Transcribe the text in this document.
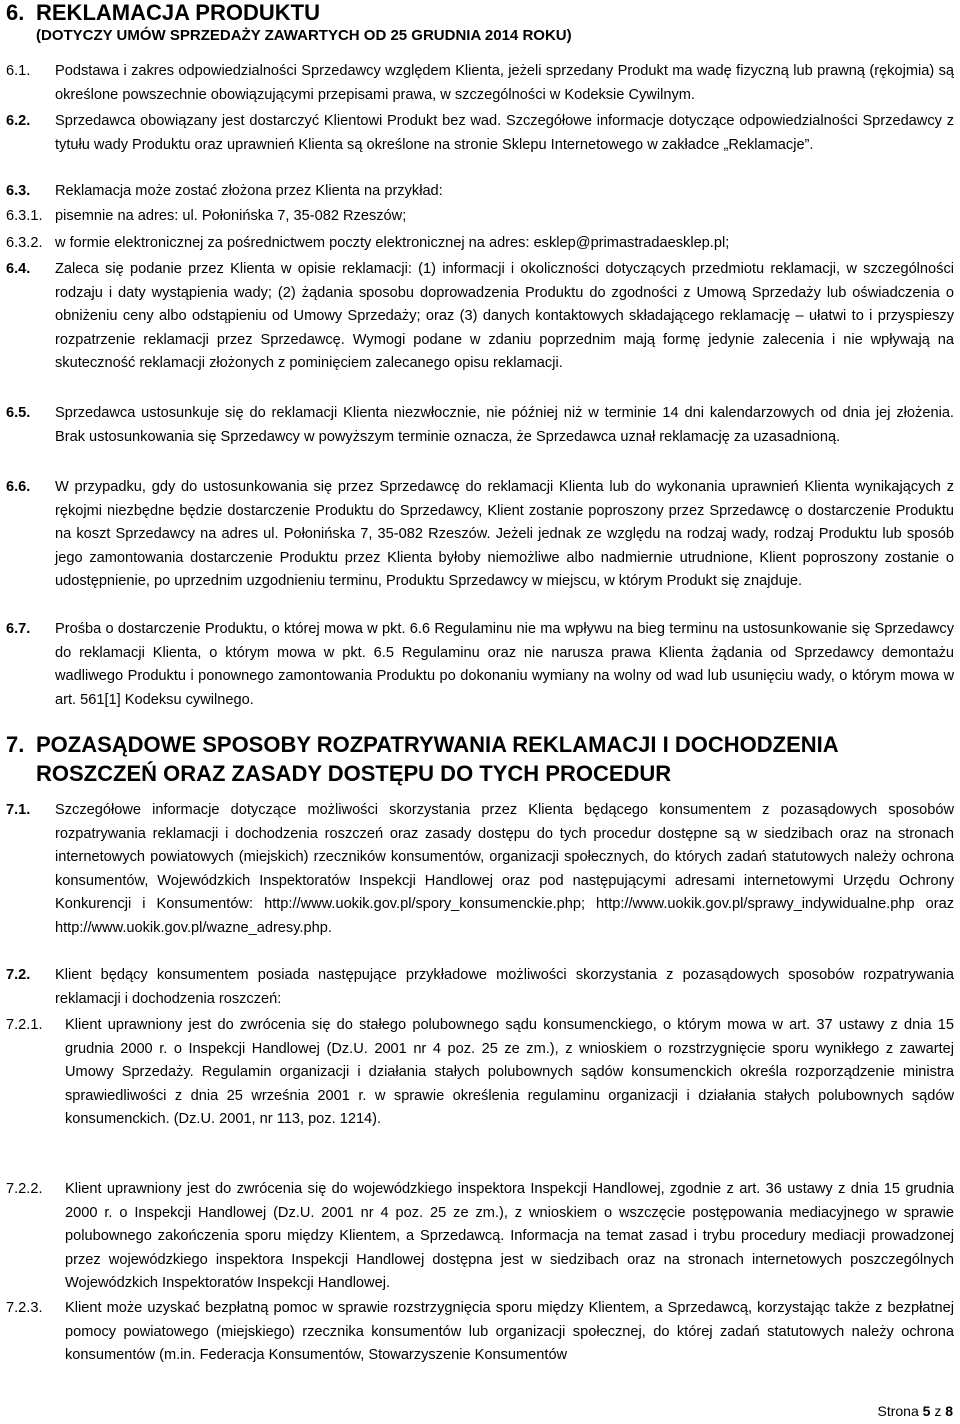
6. REKLAMACJA PRODUKTU
(DOTYCZY UMÓW SPRZEDAŻY ZAWARTYCH OD 25 GRUDNIA 2014 ROKU)
6.1. Podstawa i zakres odpowiedzialności Sprzedawcy względem Klienta, jeżeli sprzedany Produkt ma wadę fizyczną lub prawną (rękojmia) są określone powszechnie obowiązującymi przepisami prawa, w szczególności w Kodeksie Cywilnym.
6.2. Sprzedawca obowiązany jest dostarczyć Klientowi Produkt bez wad. Szczegółowe informacje dotyczące odpowiedzialności Sprzedawcy z tytułu wady Produktu oraz uprawnień Klienta są określone na stronie Sklepu Internetowego w zakładce „Reklamacje”.
6.3. Reklamacja może zostać złożona przez Klienta na przykład:
6.3.1. pisemnie na adres: ul. Połonińska 7, 35-082 Rzeszów;
6.3.2. w formie elektronicznej za pośrednictwem poczty elektronicznej na adres: esklep@primastradaesklep.pl;
6.4. Zaleca się podanie przez Klienta w opisie reklamacji: (1) informacji i okoliczności dotyczących przedmiotu reklamacji, w szczególności rodzaju i daty wystąpienia wady; (2) żądania sposobu doprowadzenia Produktu do zgodności z Umową Sprzedaży lub oświadczenia o obniżeniu ceny albo odstąpieniu od Umowy Sprzedaży; oraz (3) danych kontaktowych składającego reklamację – ułatwi to i przyspieszy rozpatrzenie reklamacji przez Sprzedawcę. Wymogi podane w zdaniu poprzednim mają formę jedynie zalecenia i nie wpływają na skuteczność reklamacji złożonych z pominięciem zalecanego opisu reklamacji.
6.5. Sprzedawca ustosunkuje się do reklamacji Klienta niezwłocznie, nie później niż w terminie 14 dni kalendarzowych od dnia jej złożenia. Brak ustosunkowania się Sprzedawcy w powyższym terminie oznacza, że Sprzedawca uznał reklamację za uzasadnioną.
6.6. W przypadku, gdy do ustosunkowania się przez Sprzedawcę do reklamacji Klienta lub do wykonania uprawnień Klienta wynikających z rękojmi niezbędne będzie dostarczenie Produktu do Sprzedawcy, Klient zostanie poproszony przez Sprzedawcę o dostarczenie Produktu na koszt Sprzedawcy na adres ul. Połonińska 7, 35-082 Rzeszów. Jeżeli jednak ze względu na rodzaj wady, rodzaj Produktu lub sposób jego zamontowania dostarczenie Produktu przez Klienta byłoby niemożliwe albo nadmiernie utrudnione, Klient poproszony zostanie o udostępnienie, po uprzednim uzgodnieniu terminu, Produktu Sprzedawcy w miejscu, w którym Produkt się znajduje.
6.7. Prośba o dostarczenie Produktu, o której mowa w pkt. 6.6 Regulaminu nie ma wpływu na bieg terminu na ustosunkowanie się Sprzedawcy do reklamacji Klienta, o którym mowa w pkt. 6.5 Regulaminu oraz nie narusza prawa Klienta żądania od Sprzedawcy demontażu wadliwego Produktu i ponownego zamontowania Produktu po dokonaniu wymiany na wolny od wad lub usunięciu wady, o którym mowa w art. 561[1] Kodeksu cywilnego.
7. POZASĄDOWE SPOSOBY ROZPATRYWANIA REKLAMACJI I DOCHODZENIA
ROSZCZEŃ ORAZ ZASADY DOSTĘPU DO TYCH PROCEDUR
7.1. Szczegółowe informacje dotyczące możliwości skorzystania przez Klienta będącego konsumentem z pozasądowych sposobów rozpatrywania reklamacji i dochodzenia roszczeń oraz zasady dostępu do tych procedur dostępne są w siedzibach oraz na stronach internetowych powiatowych (miejskich) rzeczników konsumentów, organizacji społecznych, do których zadań statutowych należy ochrona konsumentów, Wojewódzkich Inspektoratów Inspekcji Handlowej oraz pod następującymi adresami internetowymi Urzędu Ochrony Konkurencji i Konsumentów: http://www.uokik.gov.pl/spory_konsumenckie.php; http://www.uokik.gov.pl/sprawy_indywidualne.php oraz http://www.uokik.gov.pl/wazne_adresy.php.
7.2. Klient będący konsumentem posiada następujące przykładowe możliwości skorzystania z pozasądowych sposobów rozpatrywania reklamacji i dochodzenia roszczeń:
7.2.1. Klient uprawniony jest do zwrócenia się do stałego polubownego sądu konsumenckiego, o którym mowa w art. 37 ustawy z dnia 15 grudnia 2000 r. o Inspekcji Handlowej (Dz.U. 2001 nr 4 poz. 25 ze zm.), z wnioskiem o rozstrzygnięcie sporu wynikłego z zawartej Umowy Sprzedaży. Regulamin organizacji i działania stałych polubownych sądów konsumenckich określa rozporządzenie ministra sprawiedliwości z dnia 25 września 2001 r. w sprawie określenia regulaminu organizacji i działania stałych polubownych sądów konsumenckich. (Dz.U. 2001, nr 113, poz. 1214).
7.2.2. Klient uprawniony jest do zwrócenia się do wojewódzkiego inspektora Inspekcji Handlowej, zgodnie z art. 36 ustawy z dnia 15 grudnia 2000 r. o Inspekcji Handlowej (Dz.U. 2001 nr 4 poz. 25 ze zm.), z wnioskiem o wszczęcie postępowania mediacyjnego w sprawie polubownego zakończenia sporu między Klientem, a Sprzedawcą. Informacja na temat zasad i trybu procedury mediacji prowadzonej przez wojewódzkiego inspektora Inspekcji Handlowej dostępna jest w siedzibach oraz na stronach internetowych poszczególnych Wojewódzkich Inspektoratów Inspekcji Handlowej.
7.2.3. Klient może uzyskać bezpłatną pomoc w sprawie rozstrzygnięcia sporu między Klientem, a Sprzedawcą, korzystając także z bezpłatnej pomocy powiatowego (miejskiego) rzecznika konsumentów lub organizacji społecznej, do której zadań statutowych należy ochrona konsumentów (m.in. Federacja Konsumentów, Stowarzyszenie Konsumentów
Strona 5 z 8
